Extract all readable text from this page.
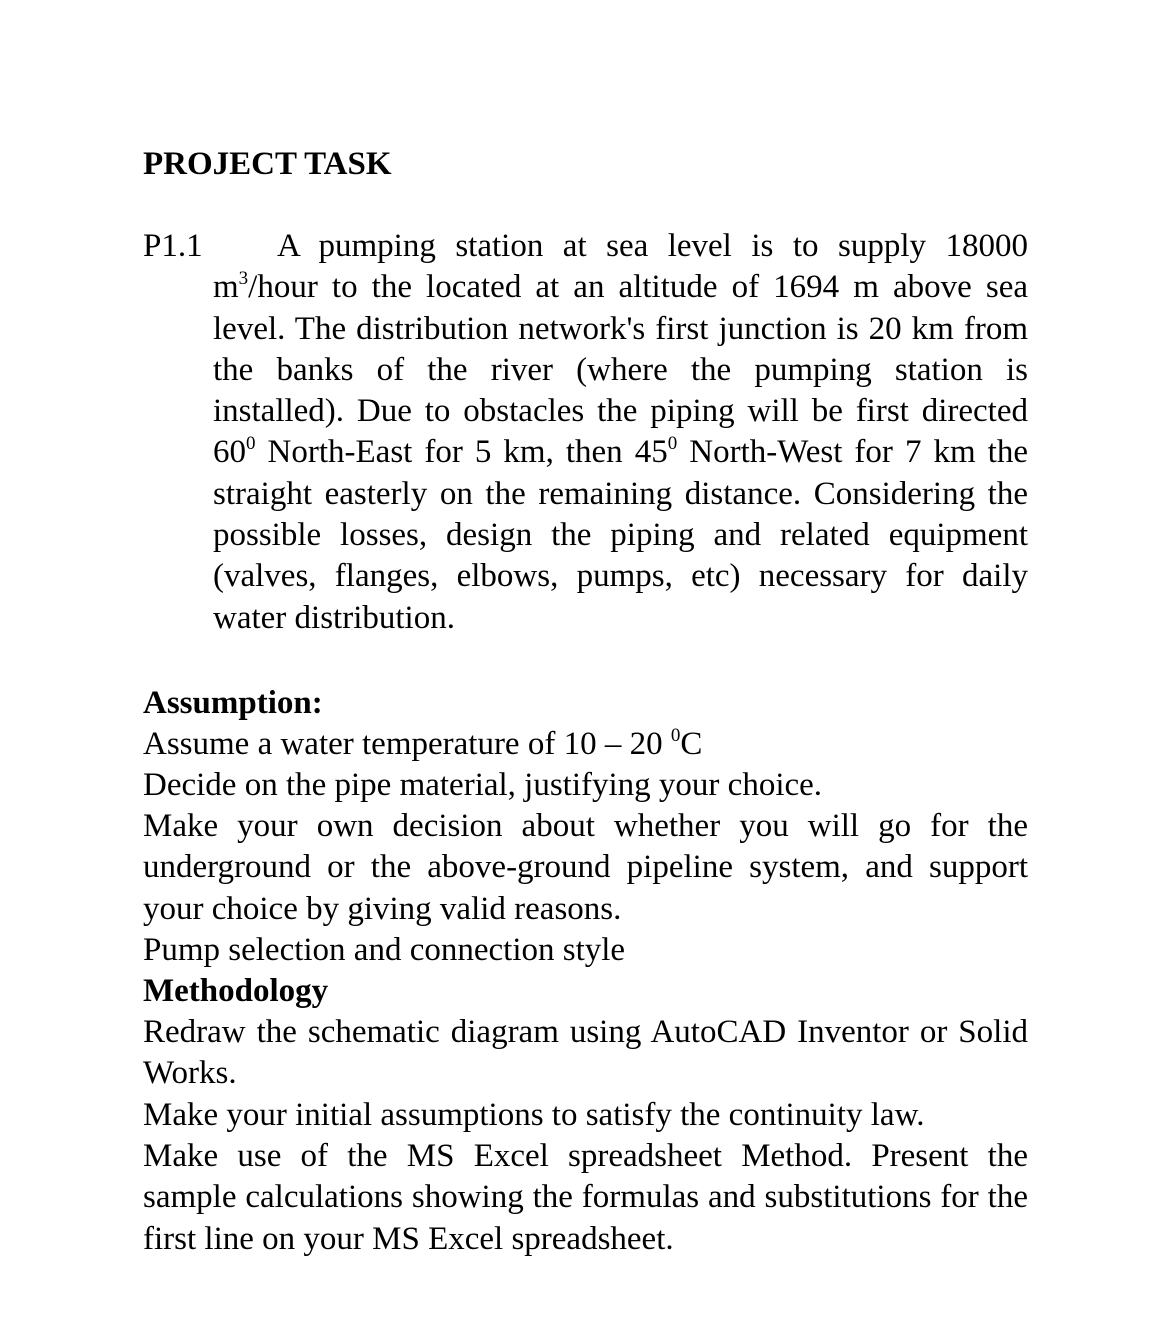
PROJECT TASK
P1.1	A pumping station at sea level is to supply 18000 $m^3$/hour to the located at an altitude of 1694 m above sea level. The distribution network's first junction is 20 km from the banks of the river (where the pumping station is installed). Due to obstacles the piping will be first directed $60^0$ North-East for 5 km, then $45^0$ North-West for 7 km the straight easterly on the remaining distance. Considering the possible losses, design the piping and related equipment (valves, flanges, elbows, pumps, etc) necessary for daily water distribution.

Assumption:

Assume a water temperature of 10 – 20 $^0$C

Decide on the pipe material, justifying your choice.

Make your own decision about whether you will go for the underground or the above-ground pipeline system, and support your choice by giving valid reasons.

Pump selection and connection style

Methodology

Redraw the schematic diagram using AutoCAD Inventor or Solid Works.

Make your initial assumptions to satisfy the continuity law.

Make use of the MS Excel spreadsheet Method. Present the sample calculations showing the formulas and substitutions for the first line on your MS Excel spreadsheet.
